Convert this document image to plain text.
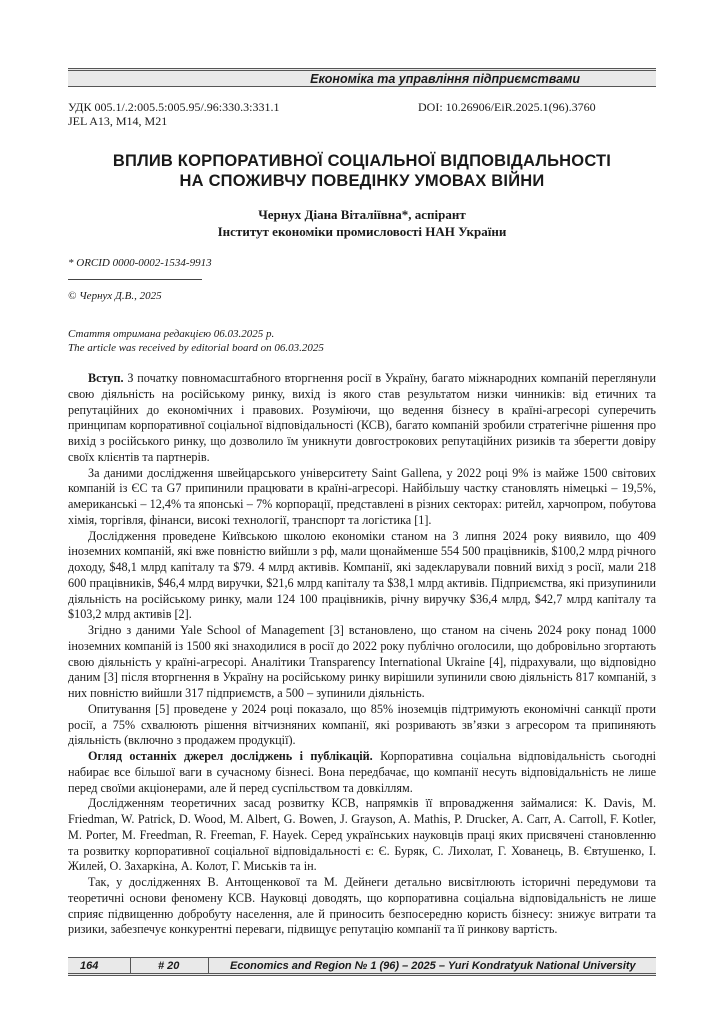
Економіка та управління підприємствами
УДК 005.1/.2:005.5:005.95/.96:330.3:331.1
JEL A13, M14, M21
DOI: 10.26906/EiR.2025.1(96).3760
ВПЛИВ КОРПОРАТИВНОЇ СОЦІАЛЬНОЇ ВІДПОВІДАЛЬНОСТІ
НА СПОЖИВЧУ ПОВЕДІНКУ УМОВАХ ВІЙНИ
Чернух Діана Віталіївна*, аспірант
Інститут економіки промисловості НАН України
* ORCID 0000-0002-1534-9913
© Чернух Д.В., 2025
Стаття отримана редакцією 06.03.2025 р.
The article was received by editorial board on 06.03.2025

Вступ. З початку повномасштабного вторгнення росії в Україну, багато міжнародних компаній переглянули свою діяльність на російському ринку, вихід із якого став результатом низки чинників: від етичних та репутаційних до економічних і правових. Розуміючи, що ведення бізнесу в країні-агресорі суперечить принципам корпоративної соціальної відповідальності (КСВ), багато компаній зробили стратегічне рішення про вихід з російського ринку, що дозволило їм уникнути довгострокових репутаційних ризиків та зберегти довіру своїх клієнтів та партнерів.

За даними дослідження швейцарського університету Saint Gallena, у 2022 році 9% із майже 1500 світових компаній із ЄС та G7 припинили працювати в країні-агресорі. Найбільшу частку становлять німецькі – 19,5%, американські – 12,4% та японські – 7% корпорації, представлені в різних секторах: ритейл, харчопром, побутова хімія, торгівля, фінанси, високі технології, транспорт та логістика [1].

Дослідження проведене Київською школою економіки станом на 3 липня 2024 року виявило, що 409 іноземних компаній, які вже повністю вийшли з рф, мали щонайменше 554 500 працівників, $100,2 млрд річного доходу, $48,1 млрд капіталу та $79. 4 млрд активів. Компанії, які задекларували повний вихід з росії, мали 218 600 працівників, $46,4 млрд виручки, $21,6 млрд капіталу та $38,1 млрд активів. Підприємства, які призупинили діяльність на російському ринку, мали 124 100 працівників, річну виручку $36,4 млрд, $42,7 млрд капіталу та $103,2 млрд активів [2].

Згідно з даними Yale School of Management [3] встановлено, що станом на січень 2024 року понад 1000 іноземних компаній із 1500 які знаходилися в росії до 2022 року публічно оголосили, що добровільно згортають свою діяльність у країні-агресорі. Аналітики Transparency International Ukraine [4], підрахували, що відповідно даним [3] після вторгнення в Україну на російському ринку вирішили зупинили свою діяльність 817 компаній, з них повністю вийшли 317 підприємств, а 500 – зупинили діяльність.

Опитування [5] проведене у 2024 році показало, що 85% іноземців підтримують економічні санкції проти росії, а 75% схвалюють рішення вітчизняних компанії, які розривають зв’язки з агресором та припиняють діяльність (включно з продажем продукції).

Огляд останніх джерел досліджень і публікацій. Корпоративна соціальна відповідальність сьогодні набирає все більшої ваги в сучасному бізнесі. Вона передбачає, що компанії несуть відповідальність не лише перед своїми акціонерами, але й перед суспільством та довкіллям.

Дослідженням теоретичних засад розвитку КСВ, напрямків її впровадження займалися: K. Davis, M. Friedman, W. Patrick, D. Wood, M. Albert, G. Bowen, J. Grayson, A. Mathis, P. Drucker, A. Carr, A. Carroll, F. Kotler, M. Porter, M. Freedman, R. Freeman, F. Hayek. Серед українських науковців праці яких присвячені становленню та розвитку корпоративної соціальної відповідальності є: Є. Буряк, С. Лихолат, Г. Хованець, В. Євтушенко, І. Жилей, О. Захаркіна, А. Колот, Г. Миськів та ін.

Так, у дослідженнях В. Антощенкової та М. Дейнеги детально висвітлюють історичні передумови та теоретичні основи феномену КСВ. Науковці доводять, що корпоративна соціальна відповідальність не лише сприяє підвищенню добробуту населення, але й приносить безпосередню користь бізнесу: знижує витрати та ризики, забезпечує конкурентні переваги, підвищує репутацію компанії та її ринкову вартість.

164	# 20	Economics and Region № 1 (96) – 2025 – Yuri Kondratyuk National University
